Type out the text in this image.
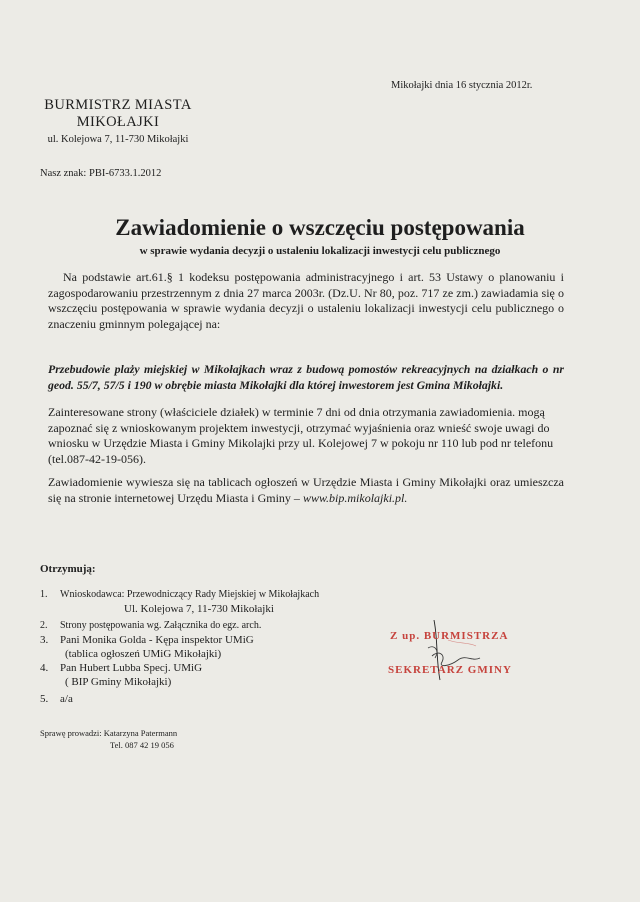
Mikołajki dnia 16 stycznia 2012r.
BURMISTRZ MIASTA
MIKOŁAJKI
ul. Kolejowa 7, 11-730 Mikołajki
Nasz znak: PBI-6733.1.2012
Zawiadomienie o wszczęciu postępowania
w sprawie wydania decyzji o ustaleniu lokalizacji inwestycji celu publicznego
Na podstawie art.61.§ 1 kodeksu postępowania administracyjnego i art. 53 Ustawy o planowaniu i zagospodarowaniu przestrzennym z dnia 27 marca 2003r. (Dz.U. Nr 80, poz. 717 ze zm.) zawiadamia się o wszczęciu postępowania w sprawie wydania decyzji o ustaleniu lokalizacji inwestycji celu publicznego o znaczeniu gminnym polegającej na:
Przebudowie plaży miejskiej w Mikołajkach wraz z budową pomostów rekreacyjnych na działkach o nr geod. 55/7, 57/5 i 190 w obrębie miasta Mikołajki dla której inwestorem jest Gmina Mikołajki.
Zainteresowane strony (właściciele działek) w terminie 7 dni od dnia otrzymania zawiadomienia. mogą zapoznać się z wnioskowanym projektem inwestycji, otrzymać wyjaśnienia oraz wnieść swoje uwagi do wniosku w Urzędzie Miasta i Gminy Mikolajki przy ul. Kolejowej 7 w pokoju nr 110 lub pod nr telefonu (tel.087-42-19-056).
Zawiadomienie wywiesza się na tablicach ogłoszeń w Urzędzie Miasta i Gminy Mikołajki oraz umieszcza się na stronie internetowej Urzędu Miasta i Gminy – www.bip.mikolajki.pl.
Otrzymują:
1. Wnioskodawca: Przewodniczący Rady Miejskiej w Mikołajkach
Ul. Kolejowa 7, 11-730 Mikołajki
2. Strony postępowania wg. Załącznika do egz. arch.
3. Pani Monika Golda - Kępa inspektor UMiG
(tablica ogłoszeń UMiG Mikołajki)
4. Pan Hubert Lubba Specj. UMiG
( BIP Gminy Mikołajki)
5. a/a
Z up. BURMISTRZA
SEKRETARZ GMINY
Sprawę prowadzi: Katarzyna Patermann
Tel. 087 42 19 056
